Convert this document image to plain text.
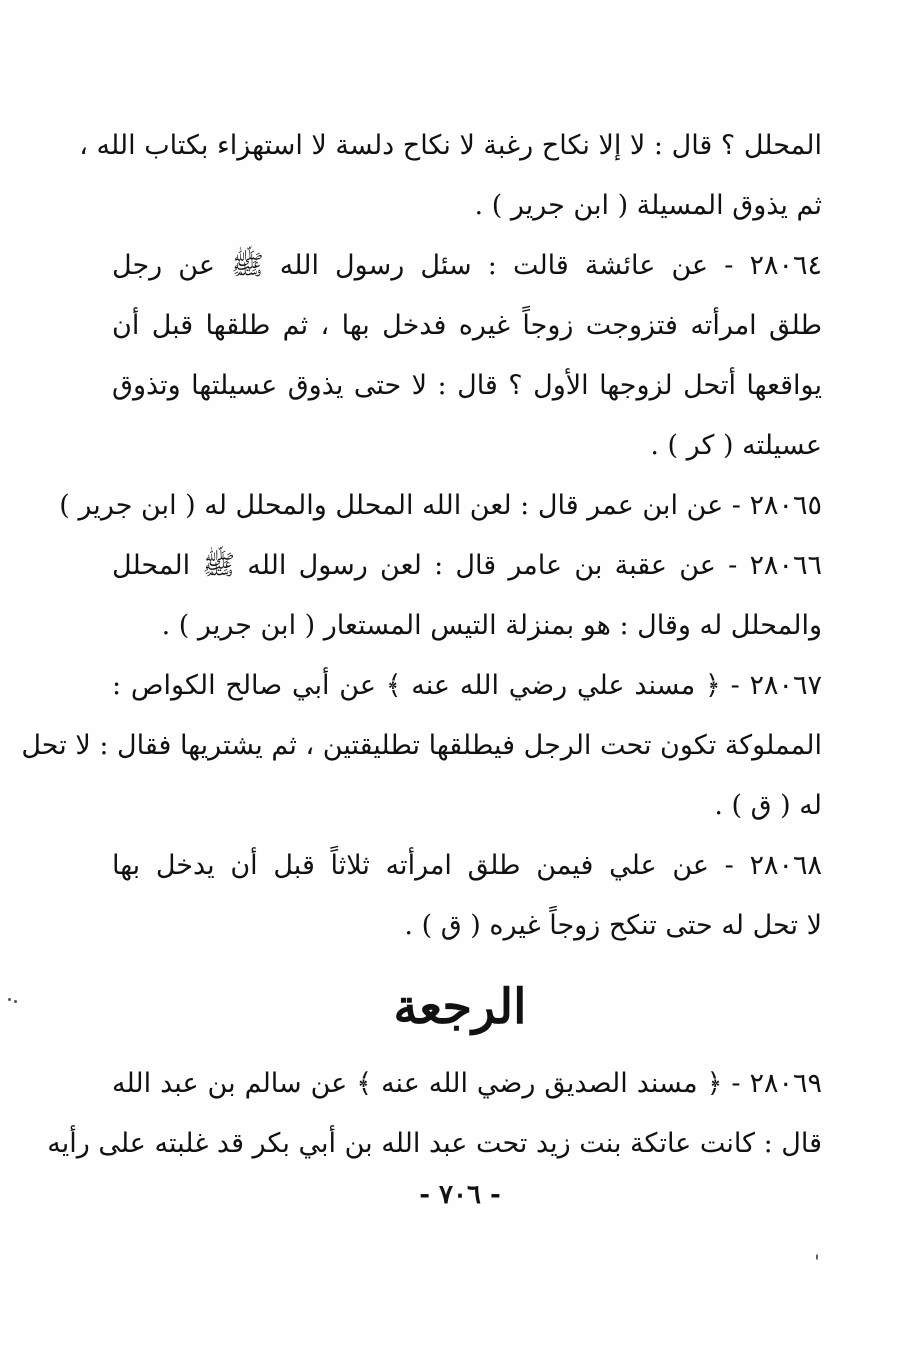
المحلل ؟ قال : لا إلا نكاح رغبة لا نكاح دلسة لا استهزاء بكتاب الله ،
ثم يذوق المسيلة ( ابن جرير ) .
٢٨٠٦٤ - عن عائشة قالت : سئل رسول الله ﷺ عن رجل
طلق امرأته فتزوجت زوجاً غيره فدخل بها ، ثم طلقها قبل أن
يواقعها أتحل لزوجها الأول ؟ قال : لا حتى يذوق عسيلتها وتذوق
عسيلته ( كر ) .
٢٨٠٦٥ - عن ابن عمر قال : لعن الله المحلل والمحلل له ( ابن جرير )
٢٨٠٦٦ - عن عقبة بن عامر قال : لعن رسول الله ﷺ المحلل
والمحلل له وقال : هو بمنزلة التيس المستعار ( ابن جرير ) .
٢٨٠٦٧ - ﴿ مسند علي رضي الله عنه ﴾ عن أبي صالح الكواص :
المملوكة تكون تحت الرجل فيطلقها تطليقتين ، ثم يشتريها فقال : لا تحل
له ( ق ) .
٢٨٠٦٨ - عن علي فيمن طلق امرأته ثلاثاً قبل أن يدخل بها
لا تحل له حتى تنكح زوجاً غيره ( ق ) .
الرجعة
٢٨٠٦٩ - ﴿ مسند الصديق رضي الله عنه ﴾ عن سالم بن عبد الله
قال : كانت عاتكة بنت زيد تحت عبد الله بن أبي بكر قد غلبته على رأيه
- ٧٠٦ -
